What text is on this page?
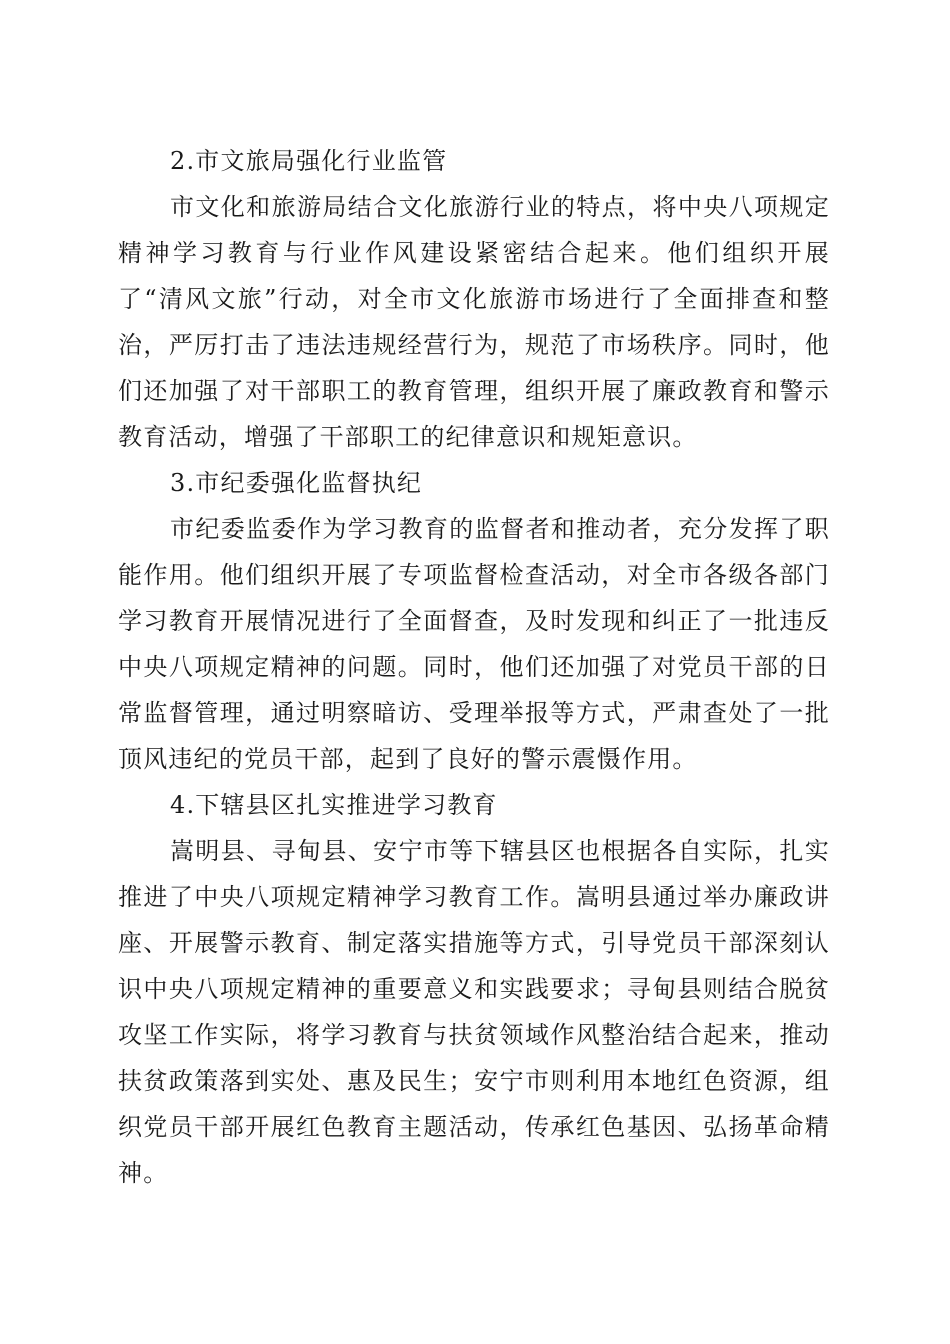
2.市文旅局强化行业监管

市文化和旅游局结合文化旅游行业的特点，将中央八项规定精神学习教育与行业作风建设紧密结合起来。他们组织开展了“清风文旅”行动，对全市文化旅游市场进行了全面排查和整治，严厉打击了违法违规经营行为，规范了市场秩序。同时，他们还加强了对干部职工的教育管理，组织开展了廉政教育和警示教育活动，增强了干部职工的纪律意识和规矩意识。

3.市纪委强化监督执纪

市纪委监委作为学习教育的监督者和推动者，充分发挥了职能作用。他们组织开展了专项监督检查活动，对全市各级各部门学习教育开展情况进行了全面督查，及时发现和纠正了一批违反中央八项规定精神的问题。同时，他们还加强了对党员干部的日常监督管理，通过明察暗访、受理举报等方式，严肃查处了一批顶风违纪的党员干部，起到了良好的警示震慑作用。

4.下辖县区扎实推进学习教育

嵩明县、寻甸县、安宁市等下辖县区也根据各自实际，扎实推进了中央八项规定精神学习教育工作。嵩明县通过举办廉政讲座、开展警示教育、制定落实措施等方式，引导党员干部深刻认识中央八项规定精神的重要意义和实践要求；寻甸县则结合脱贫攻坚工作实际，将学习教育与扶贫领域作风整治结合起来，推动扶贫政策落到实处、惠及民生；安宁市则利用本地红色资源，组织党员干部开展红色教育主题活动，传承红色基因、弘扬革命精神。
